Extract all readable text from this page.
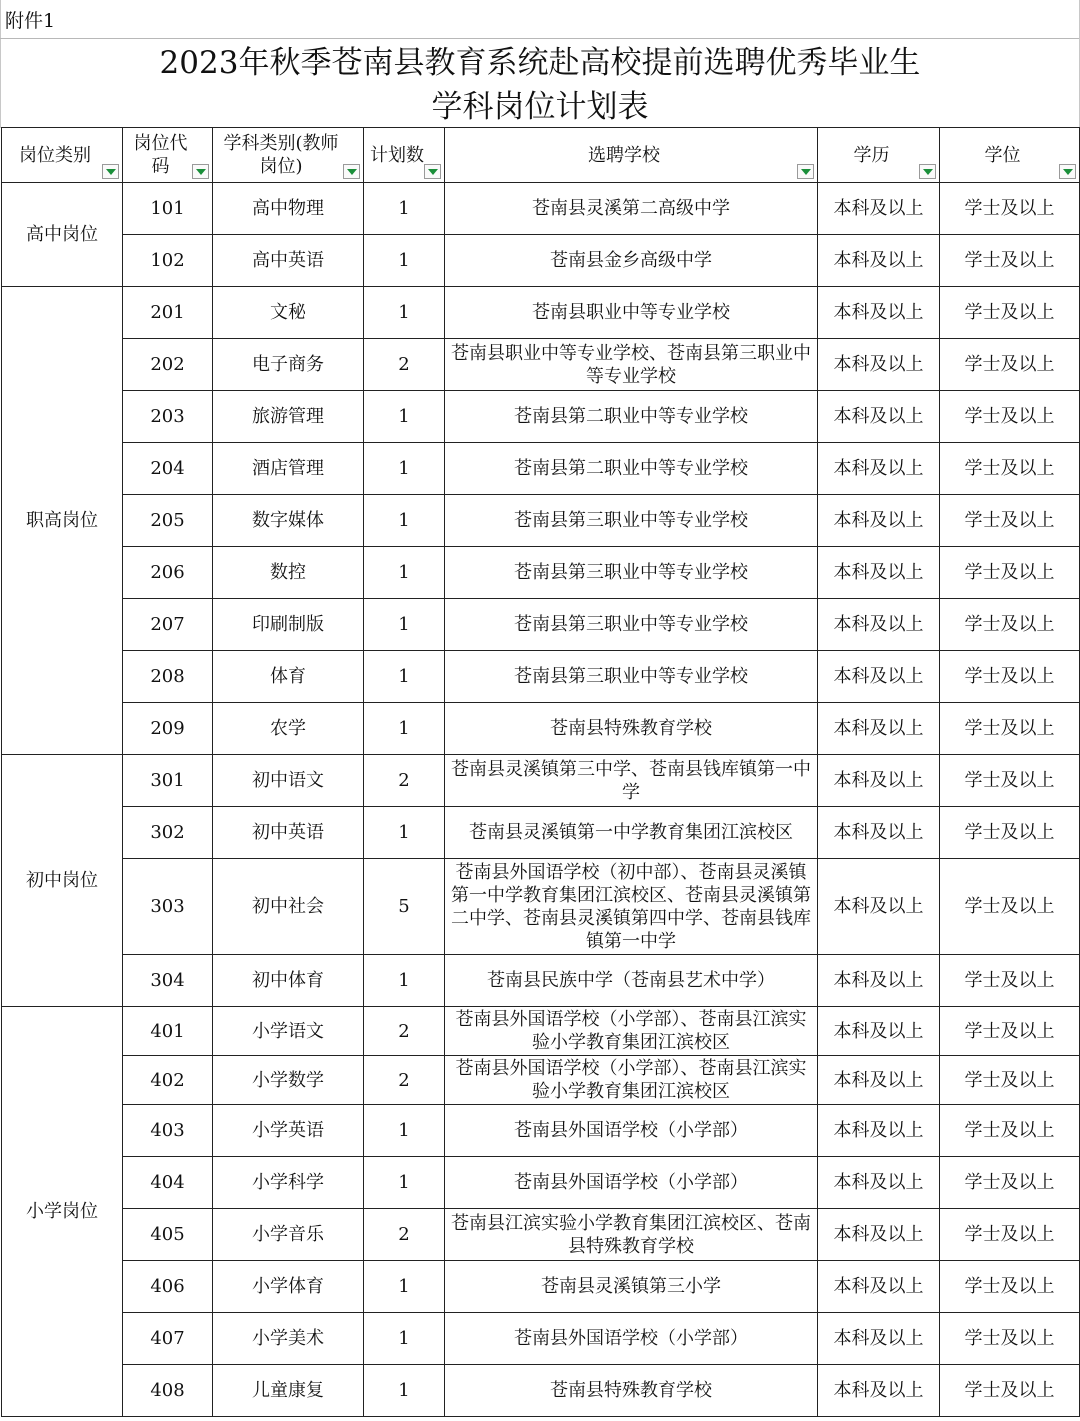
附件1
2023年秋季苍南县教育系统赴高校提前选聘优秀毕业生
学科岗位计划表
岗位类别	岗位代码	学科类别(教师岗位)	计划数	选聘学校	学历	学位

高中岗位	101	高中物理	1	苍南县灵溪第二高级中学	本科及以上	学士及以上
	102	高中英语	1	苍南县金乡高级中学	本科及以上	学士及以上
职高岗位	201	文秘	1	苍南县职业中等专业学校	本科及以上	学士及以上
	202	电子商务	2	苍南县职业中等专业学校、苍南县第三职业中等专业学校	本科及以上	学士及以上
	203	旅游管理	1	苍南县第二职业中等专业学校	本科及以上	学士及以上
	204	酒店管理	1	苍南县第二职业中等专业学校	本科及以上	学士及以上
	205	数字媒体	1	苍南县第三职业中等专业学校	本科及以上	学士及以上
	206	数控	1	苍南县第三职业中等专业学校	本科及以上	学士及以上
	207	印刷制版	1	苍南县第三职业中等专业学校	本科及以上	学士及以上
	208	体育	1	苍南县第三职业中等专业学校	本科及以上	学士及以上
	209	农学	1	苍南县特殊教育学校	本科及以上	学士及以上
初中岗位	301	初中语文	2	苍南县灵溪镇第三中学、苍南县钱库镇第一中学	本科及以上	学士及以上
	302	初中英语	1	苍南县灵溪镇第一中学教育集团江滨校区	本科及以上	学士及以上
	303	初中社会	5	苍南县外国语学校（初中部）、苍南县灵溪镇第一中学教育集团江滨校区、苍南县灵溪镇第二中学、苍南县灵溪镇第四中学、苍南县钱库镇第一中学	本科及以上	学士及以上
	304	初中体育	1	苍南县民族中学（苍南县艺术中学）	本科及以上	学士及以上
小学岗位	401	小学语文	2	苍南县外国语学校（小学部）、苍南县江滨实验小学教育集团江滨校区	本科及以上	学士及以上
	402	小学数学	2	苍南县外国语学校（小学部）、苍南县江滨实验小学教育集团江滨校区	本科及以上	学士及以上
	403	小学英语	1	苍南县外国语学校（小学部）	本科及以上	学士及以上
	404	小学科学	1	苍南县外国语学校（小学部）	本科及以上	学士及以上
	405	小学音乐	2	苍南县江滨实验小学教育集团江滨校区、苍南县特殊教育学校	本科及以上	学士及以上
	406	小学体育	1	苍南县灵溪镇第三小学	本科及以上	学士及以上
	407	小学美术	1	苍南县外国语学校（小学部）	本科及以上	学士及以上
	408	儿童康复	1	苍南县特殊教育学校	本科及以上	学士及以上
